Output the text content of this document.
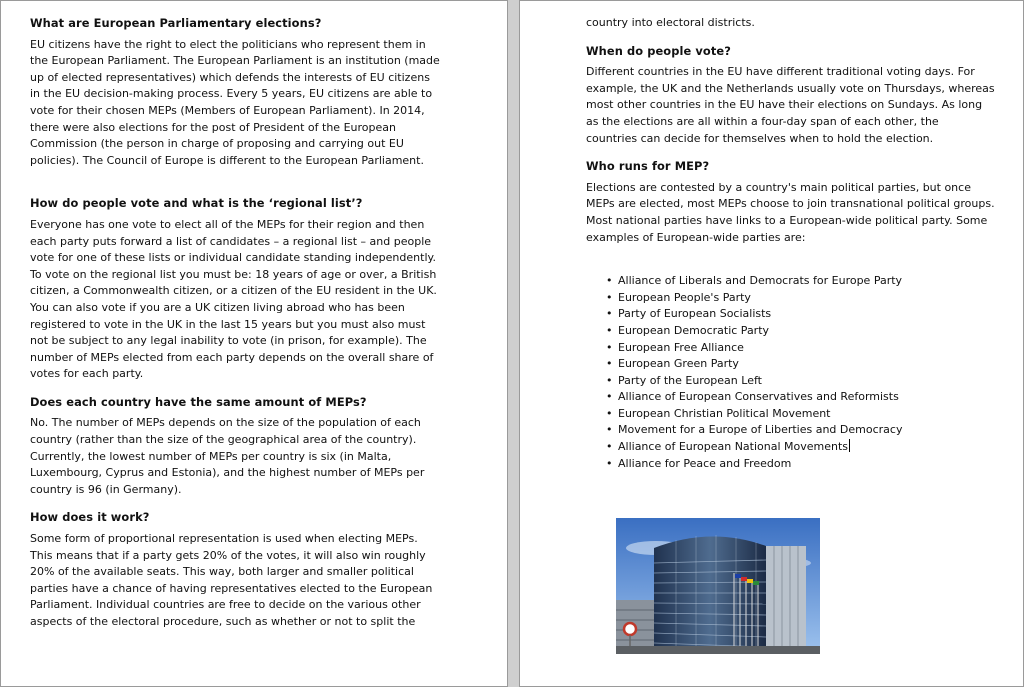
What are European Parliamentary elections?

EU citizens have the right to elect the politicians who represent them in
the European Parliament. The European Parliament is an institution (made
up of elected representatives) which defends the interests of EU citizens
in the EU decision-making process. Every 5 years, EU citizens are able to
vote for their chosen MEPs (Members of European Parliament). In 2014,
there were also elections for the post of President of the European
Commission (the person in charge of proposing and carrying out EU
policies). The Council of Europe is different to the European Parliament.

How do people vote and what is the ‘regional list’?

Everyone has one vote to elect all of the MEPs for their region and then
each party puts forward a list of candidates – a regional list – and people
vote for one of these lists or individual candidate standing independently.
To vote on the regional list you must be: 18 years of age or over, a British
citizen, a Commonwealth citizen, or a citizen of the EU resident in the UK.
You can also vote if you are a UK citizen living abroad who has been
registered to vote in the UK in the last 15 years but you must also must
not be subject to any legal inability to vote (in prison, for example). The
number of MEPs elected from each party depends on the overall share of
votes for each party.

Does each country have the same amount of MEPs?

No. The number of MEPs depends on the size of the population of each
country (rather than the size of the geographical area of the country).
Currently, the lowest number of MEPs per country is six (in Malta,
Luxembourg, Cyprus and Estonia), and the highest number of MEPs per
country is 96 (in Germany).

How does it work?

Some form of proportional representation is used when electing MEPs.
This means that if a party gets 20% of the votes, it will also win roughly
20% of the available seats. This way, both larger and smaller political
parties have a chance of having representatives elected to the European
Parliament. Individual countries are free to decide on the various other
aspects of the electoral procedure, such as whether or not to split the

country into electoral districts.

When do people vote?

Different countries in the EU have different traditional voting days. For
example, the UK and the Netherlands usually vote on Thursdays, whereas
most other countries in the EU have their elections on Sundays. As long
as the elections are all within a four-day span of each other, the
countries can decide for themselves when to hold the election.

Who runs for MEP?

Elections are contested by a country's main political parties, but once
MEPs are elected, most MEPs choose to join transnational political groups.
Most national parties have links to a European-wide political party. Some
examples of European-wide parties are:

• Alliance of Liberals and Democrats for Europe Party
• European People's Party
• Party of European Socialists
• European Democratic Party
• European Free Alliance
• European Green Party
• Party of the European Left
• Alliance of European Conservatives and Reformists
• European Christian Political Movement
• Movement for a Europe of Liberties and Democracy
• Alliance of European National Movements
• Alliance for Peace and Freedom
